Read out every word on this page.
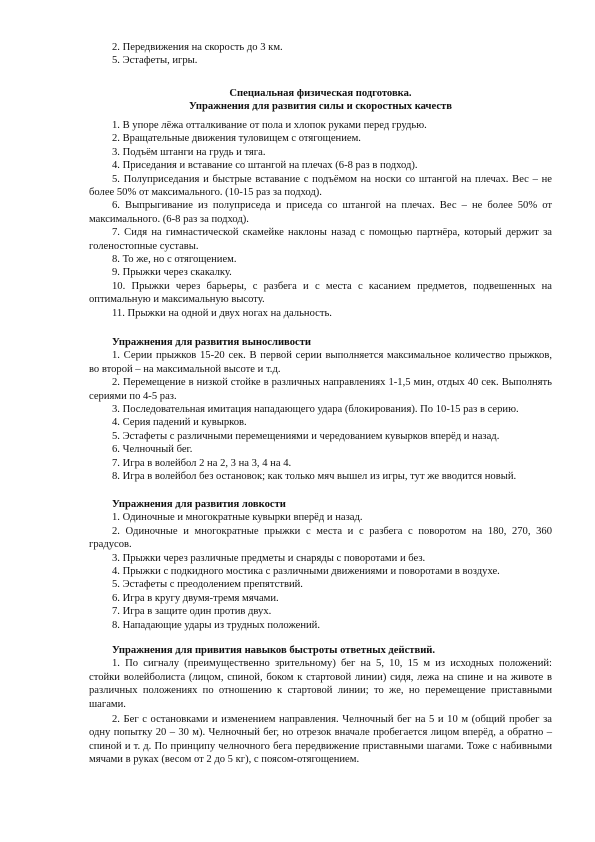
2. Передвижения на скорость до 3 км.

5. Эстафеты, игры.

Специальная физическая подготовка.

Упражнения для развития силы и скоростных качеств

1. В упоре лёжа отталкивание от пола и хлопок руками перед грудью.

2. Вращательные движения туловищем с отягощением.

3. Подъём штанги на грудь и тяга.

4. Приседания и вставание со штангой на плечах (6-8 раз в подход).

5. Полуприседания и быстрые вставание с подъёмом на носки со штангой на плечах. Вес – не более 50% от максимального. (10-15 раз за подход).

6. Выпрыгивание из полуприседа и приседа со штангой на плечах. Вес – не более 50% от максимального. (6-8 раз за подход).

7. Сидя на гимнастической скамейке наклоны назад с помощью партнёра, который держит за голеностопные суставы.

8. То же, но с отягощением.

9. Прыжки через скакалку.

10. Прыжки через барьеры, с разбега и с места с касанием предметов, подвешенных на оптимальную и максимальную высоту.

11. Прыжки на одной и двух ногах на дальность.

Упражнения для развития выносливости

1. Серии прыжков 15-20 сек. В первой серии выполняется максимальное количество прыжков, во второй – на максимальной высоте и т.д.

2. Перемещение в низкой стойке в различных направлениях 1-1,5 мин, отдых 40 сек. Выполнять сериями по 4-5 раз.

3. Последовательная имитация нападающего удара (блокирования). По 10-15 раз в серию.

4. Серия падений и кувырков.

5. Эстафеты с различными перемещениями и чередованием кувырков вперёд и назад.

6. Челночный бег.

7. Игра в волейбол 2 на 2, 3 на 3, 4 на 4.

8. Игра в волейбол без остановок; как только мяч вышел из игры, тут же вводится новый.

Упражнения для развития ловкости

1. Одиночные и многократные кувырки вперёд и назад.

2. Одиночные и многократные прыжки с места и с разбега с поворотом на 180, 270, 360 градусов.

3. Прыжки через различные предметы и снаряды с поворотами и без.

4. Прыжки с подкидного мостика с различными движениями и поворотами в воздухе.

5. Эстафеты с преодолением препятствий.

6. Игра в кругу двумя-тремя мячами.

7. Игра в защите один против двух.

8. Нападающие удары из трудных положений.

Упражнения для привития навыков быстроты ответных действий.

1. По сигналу (преимущественно зрительному) бег на 5, 10, 15 м из исходных положений: стойки волейболиста (лицом, спиной, боком к стартовой линии) сидя, лежа на спине и на животе в различных положениях по отношению к стартовой линии; то же, но перемещение приставными шагами.

2. Бег с остановками и изменением направления. Челночный бег на 5 и 10 м (общий пробег за одну попытку 20 – 30 м). Челночный бег, но отрезок вначале пробегается лицом вперёд, а обратно – спиной и т. д. По принципу челночного бега передвижение приставными шагами. Тоже с набивными мячами в руках (весом от 2 до 5 кг), с поясом-отягощением.
